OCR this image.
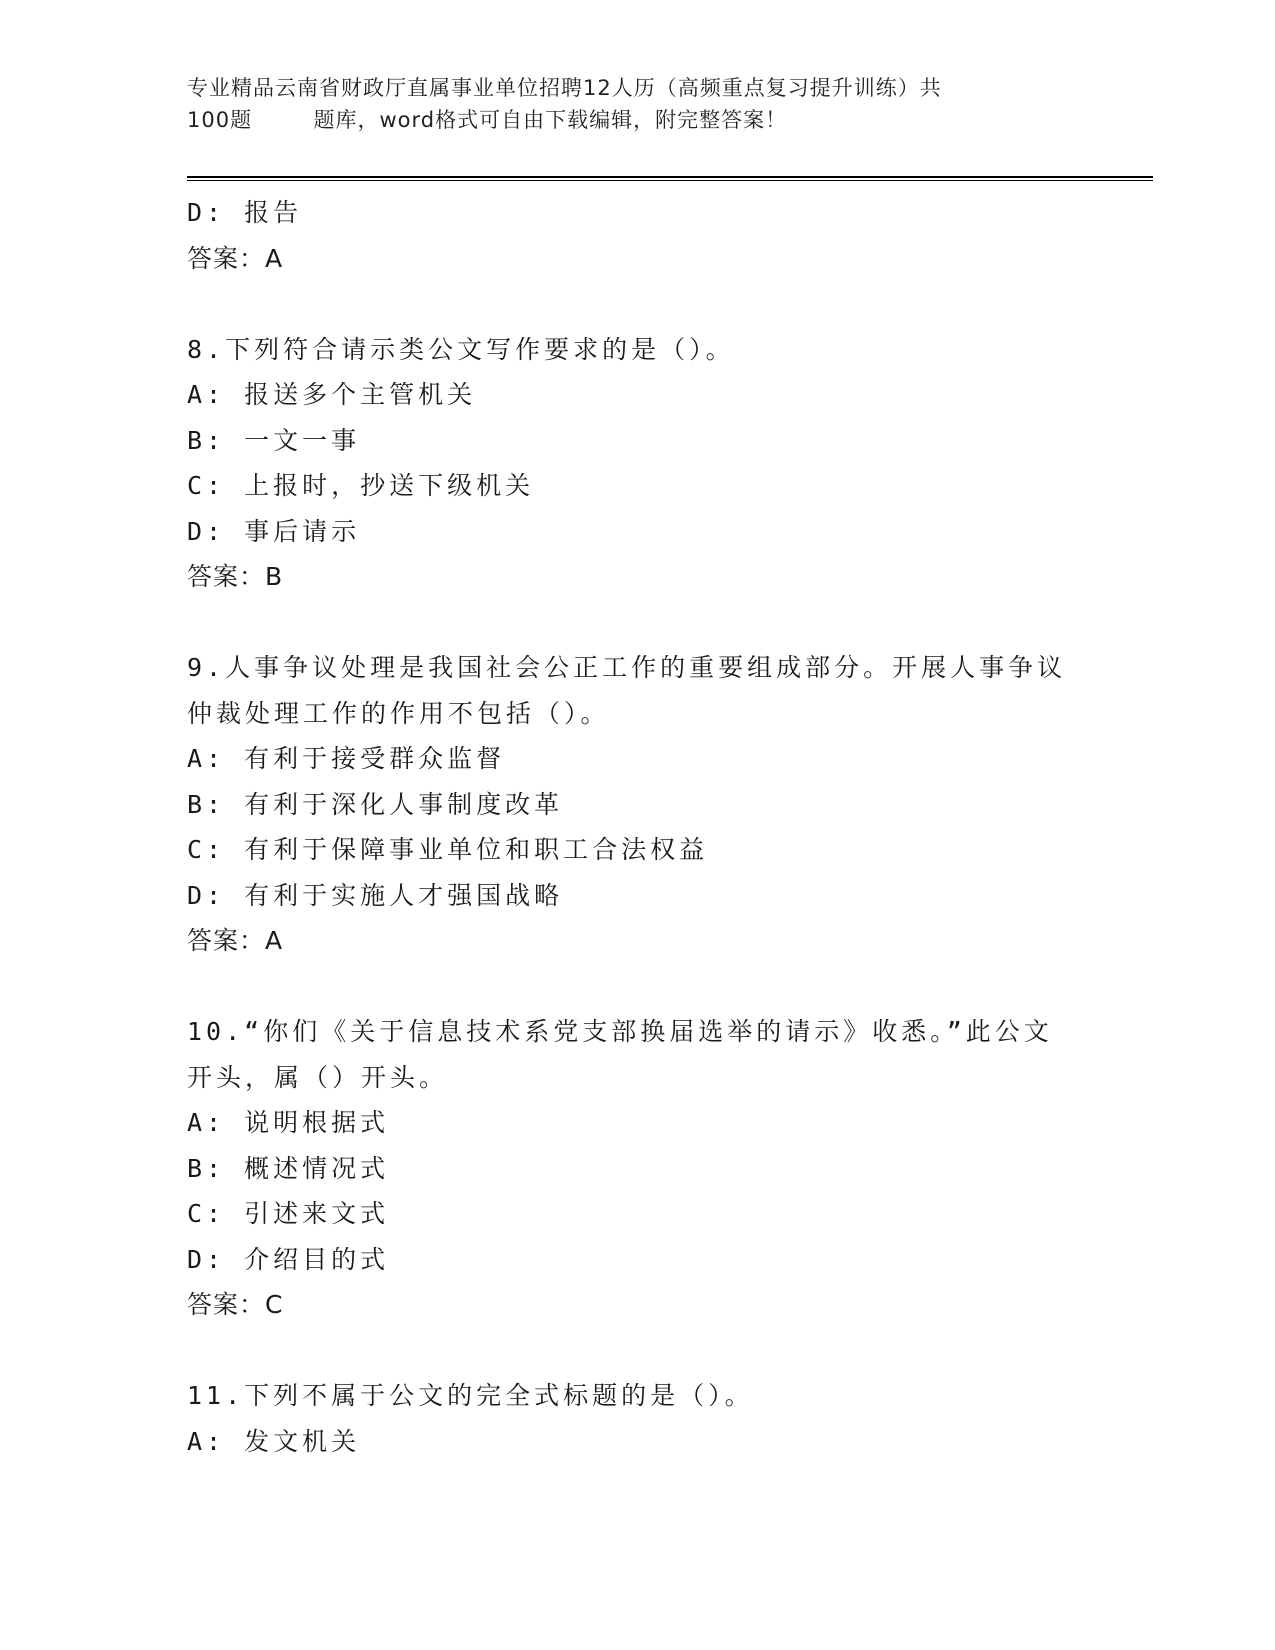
专业精品云南省财政厅直属事业单位招聘12人历（高频重点复习提升训练）共
100题        题库，word格式可自由下载编辑，附完整答案！
D: 报告
答案：A
8.下列符合请示类公文写作要求的是（）。
A: 报送多个主管机关
B: 一文一事
C: 上报时，抄送下级机关
D: 事后请示
答案：B
9.人事争议处理是我国社会公正工作的重要组成部分。开展人事争议
仲裁处理工作的作用不包括（）。
A: 有利于接受群众监督
B: 有利于深化人事制度改革
C: 有利于保障事业单位和职工合法权益
D: 有利于实施人才强国战略
答案：A
10.“你们《关于信息技术系党支部换届选举的请示》收悉。”此公文
开头，属（）开头。
A: 说明根据式
B: 概述情况式
C: 引述来文式
D: 介绍目的式
答案：C
11.下列不属于公文的完全式标题的是（）。
A: 发文机关
